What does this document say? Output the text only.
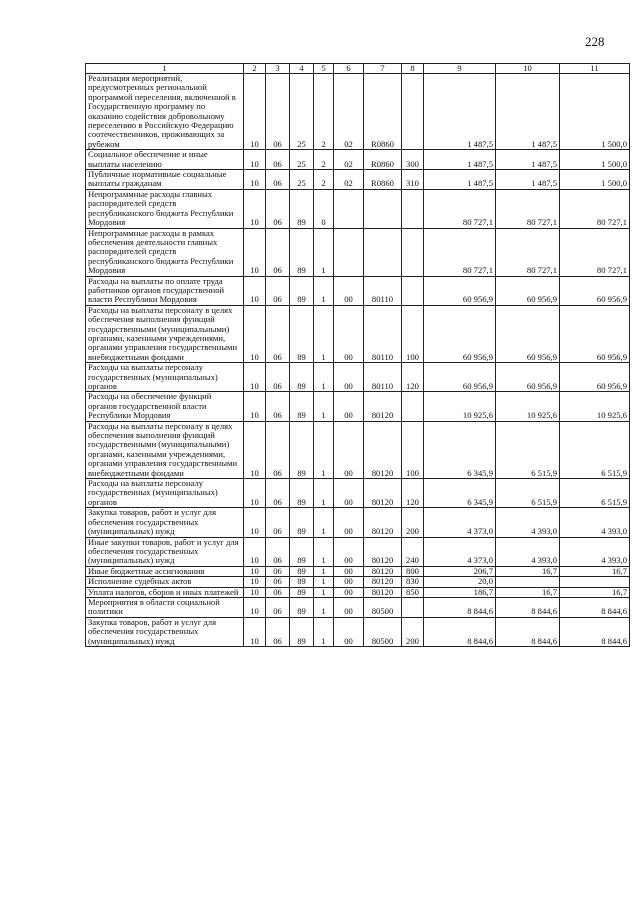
228
1	2	3	4	5	6	7	8	9	10	11
Реализация мероприятий, предусмотренных региональной программой переселения, включенной в Государственную программу по оказанию содействия добровольному переселению в Российскую Федерацию соотечественников, проживающих за рубежом	10	06	25	2	02	R0860		1 487,5	1 487,5	1 500,0
Социальное обеспечение и иные выплаты населению	10	06	25	2	02	R0860	300	1 487,5	1 487,5	1 500,0
Публичные нормативные социальные выплаты гражданам	10	06	25	2	02	R0860	310	1 487,5	1 487,5	1 500,0
Непрограммные расходы главных распорядителей средств республиканского бюджета Республики Мордовия	10	06	89	0				80 727,1	80 727,1	80 727,1
Непрограммные расходы в рамках обеспечения деятельности главных распорядителей средств республиканского бюджета Республики Мордовия	10	06	89	1				80 727,1	80 727,1	80 727,1
Расходы на выплаты по оплате труда работников органов государственной власти Республики Мордовия	10	06	89	1	00	80110		60 956,9	60 956,9	60 956,9
Расходы на выплаты персоналу в целях обеспечения выполнения функций государственными (муниципальными) органами, казенными учреждениями, органами управления государственными внебюджетными фондами	10	06	89	1	00	80110	100	60 956,9	60 956,9	60 956,9
Расходы на выплаты персоналу государственных (муниципальных) органов	10	06	89	1	00	80110	120	60 956,9	60 956,9	60 956,9
Расходы на обеспечение функций органов государственной власти Республики Мордовия	10	06	89	1	00	80120		10 925,6	10 925,6	10 925,6
Расходы на выплаты персоналу в целях обеспечения выполнения функций государственными (муниципальными) органами, казенными учреждениями, органами управления государственными внебюджетными фондами	10	06	89	1	00	80120	100	6 345,9	6 515,9	6 515,9
Расходы на выплаты персоналу государственных (муниципальных) органов	10	06	89	1	00	80120	120	6 345,9	6 515,9	6 515,9
Закупка товаров, работ и услуг для обеспечения государственных (муниципальных) нужд	10	06	89	1	00	80120	200	4 373,0	4 393,0	4 393,0
Иные закупки товаров, работ и услуг для обеспечения государственных (муниципальных) нужд	10	06	89	1	00	80120	240	4 373,0	4 393,0	4 393,0
Иные бюджетные ассигнования	10	06	89	1	00	80120	800	206,7	16,7	16,7
Исполнение судебных актов	10	06	89	1	00	80120	830	20,0		
Уплата налогов, сборов и иных платежей	10	06	89	1	00	80120	850	186,7	16,7	16,7
Мероприятия в области социальной политики	10	06	89	1	00	80500		8 844,6	8 844,6	8 844,6
Закупка товаров, работ и услуг для обеспечения государственных (муниципальных) нужд	10	06	89	1	00	80500	200	8 844,6	8 844,6	8 844,6
